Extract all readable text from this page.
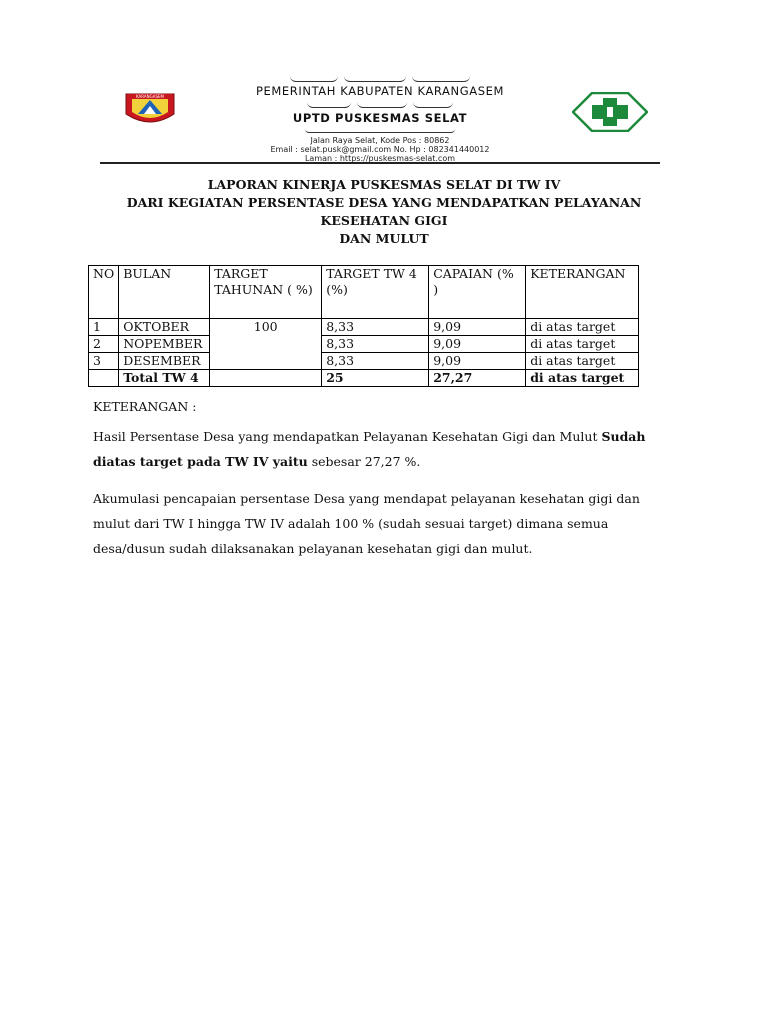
KARANGASEM	PEMERINTAH KABUPATEN KARANGASEM
UPTD PUSKESMAS SELAT
Jalan Raya Selat, Kode Pos : 80862
Email : selat.pusk@gmail.com No. Hp : 082341440012
Laman : https://puskesmas-selat.com
LAPORAN KINERJA PUSKESMAS SELAT DI TW IV
DARI KEGIATAN PERSENTASE DESA YANG MENDAPATKAN PELAYANAN KESEHATAN GIGI
DAN MULUT
NO	BULAN	TARGET TAHUNAN ( %)	TARGET TW 4 (%)	CAPAIAN (% )	KETERANGAN
1	OKTOBER	100	8,33	9,09	di atas target
2	NOPEMBER		8,33	9,09	di atas target
3	DESEMBER		8,33	9,09	di atas target
	Total TW 4		25	27,27	di atas target

KETERANGAN :

Hasil Persentase Desa yang mendapatkan Pelayanan Kesehatan Gigi dan Mulut Sudah diatas target pada TW IV yaitu sebesar 27,27 %.

Akumulasi pencapaian persentase Desa yang mendapat pelayanan kesehatan gigi dan mulut dari TW I hingga TW IV adalah 100 % (sudah sesuai target) dimana semua desa/dusun sudah dilaksanakan pelayanan kesehatan gigi dan mulut.
